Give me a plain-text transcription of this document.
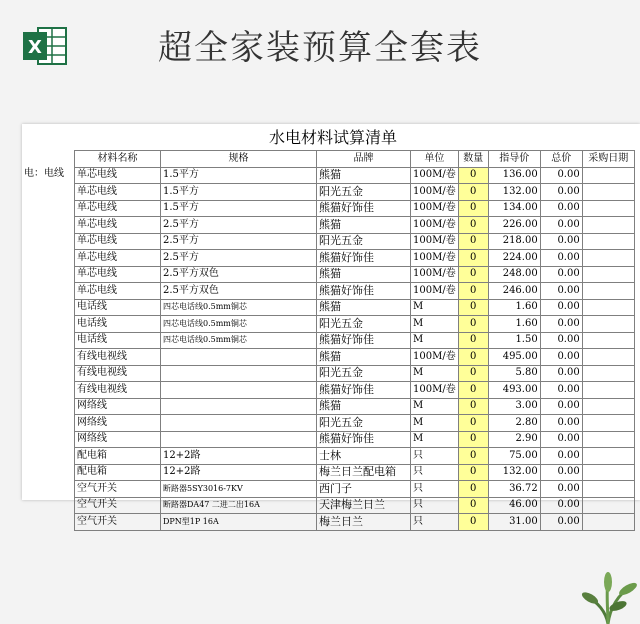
X	超全家装预算全套表
水电材料试算清单
	材料名称	规格	品牌	单位	数量	指导价	总价	采购日期
电：电线	单芯电线	1.5平方	熊猫	100M/卷	0	136.00	0.00	
	单芯电线	1.5平方	阳光五金	100M/卷	0	132.00	0.00	
	单芯电线	1.5平方	熊猫好饰佳	100M/卷	0	134.00	0.00	
	单芯电线	2.5平方	熊猫	100M/卷	0	226.00	0.00	
	单芯电线	2.5平方	阳光五金	100M/卷	0	218.00	0.00	
	单芯电线	2.5平方	熊猫好饰佳	100M/卷	0	224.00	0.00	
	单芯电线	2.5平方双色	熊猫	100M/卷	0	248.00	0.00	
	单芯电线	2.5平方双色	熊猫好饰佳	100M/卷	0	246.00	0.00	
	电话线	四芯电话线0.5mm铜芯	熊猫	M	0	1.60	0.00	
	电话线	四芯电话线0.5mm铜芯	阳光五金	M	0	1.60	0.00	
	电话线	四芯电话线0.5mm铜芯	熊猫好饰佳	M	0	1.50	0.00	
	有线电视线		熊猫	100M/卷	0	495.00	0.00	
	有线电视线		阳光五金	M	0	5.80	0.00	
	有线电视线		熊猫好饰佳	100M/卷	0	493.00	0.00	
	网络线		熊猫	M	0	3.00	0.00	
	网络线		阳光五金	M	0	2.80	0.00	
	网络线		熊猫好饰佳	M	0	2.90	0.00	
	配电箱	12+2路	士林	只	0	75.00	0.00	
	配电箱	12+2路	梅兰日兰配电箱	只	0	132.00	0.00	
	空气开关	断路器5SY3016-7KV	西门子	只	0	36.72	0.00	
	空气开关	断路器DA47 二进二出16A	天津梅兰日兰	只	0	46.00	0.00	
	空气开关	DPN型1P 16A	梅兰日兰	只	0	31.00	0.00	
